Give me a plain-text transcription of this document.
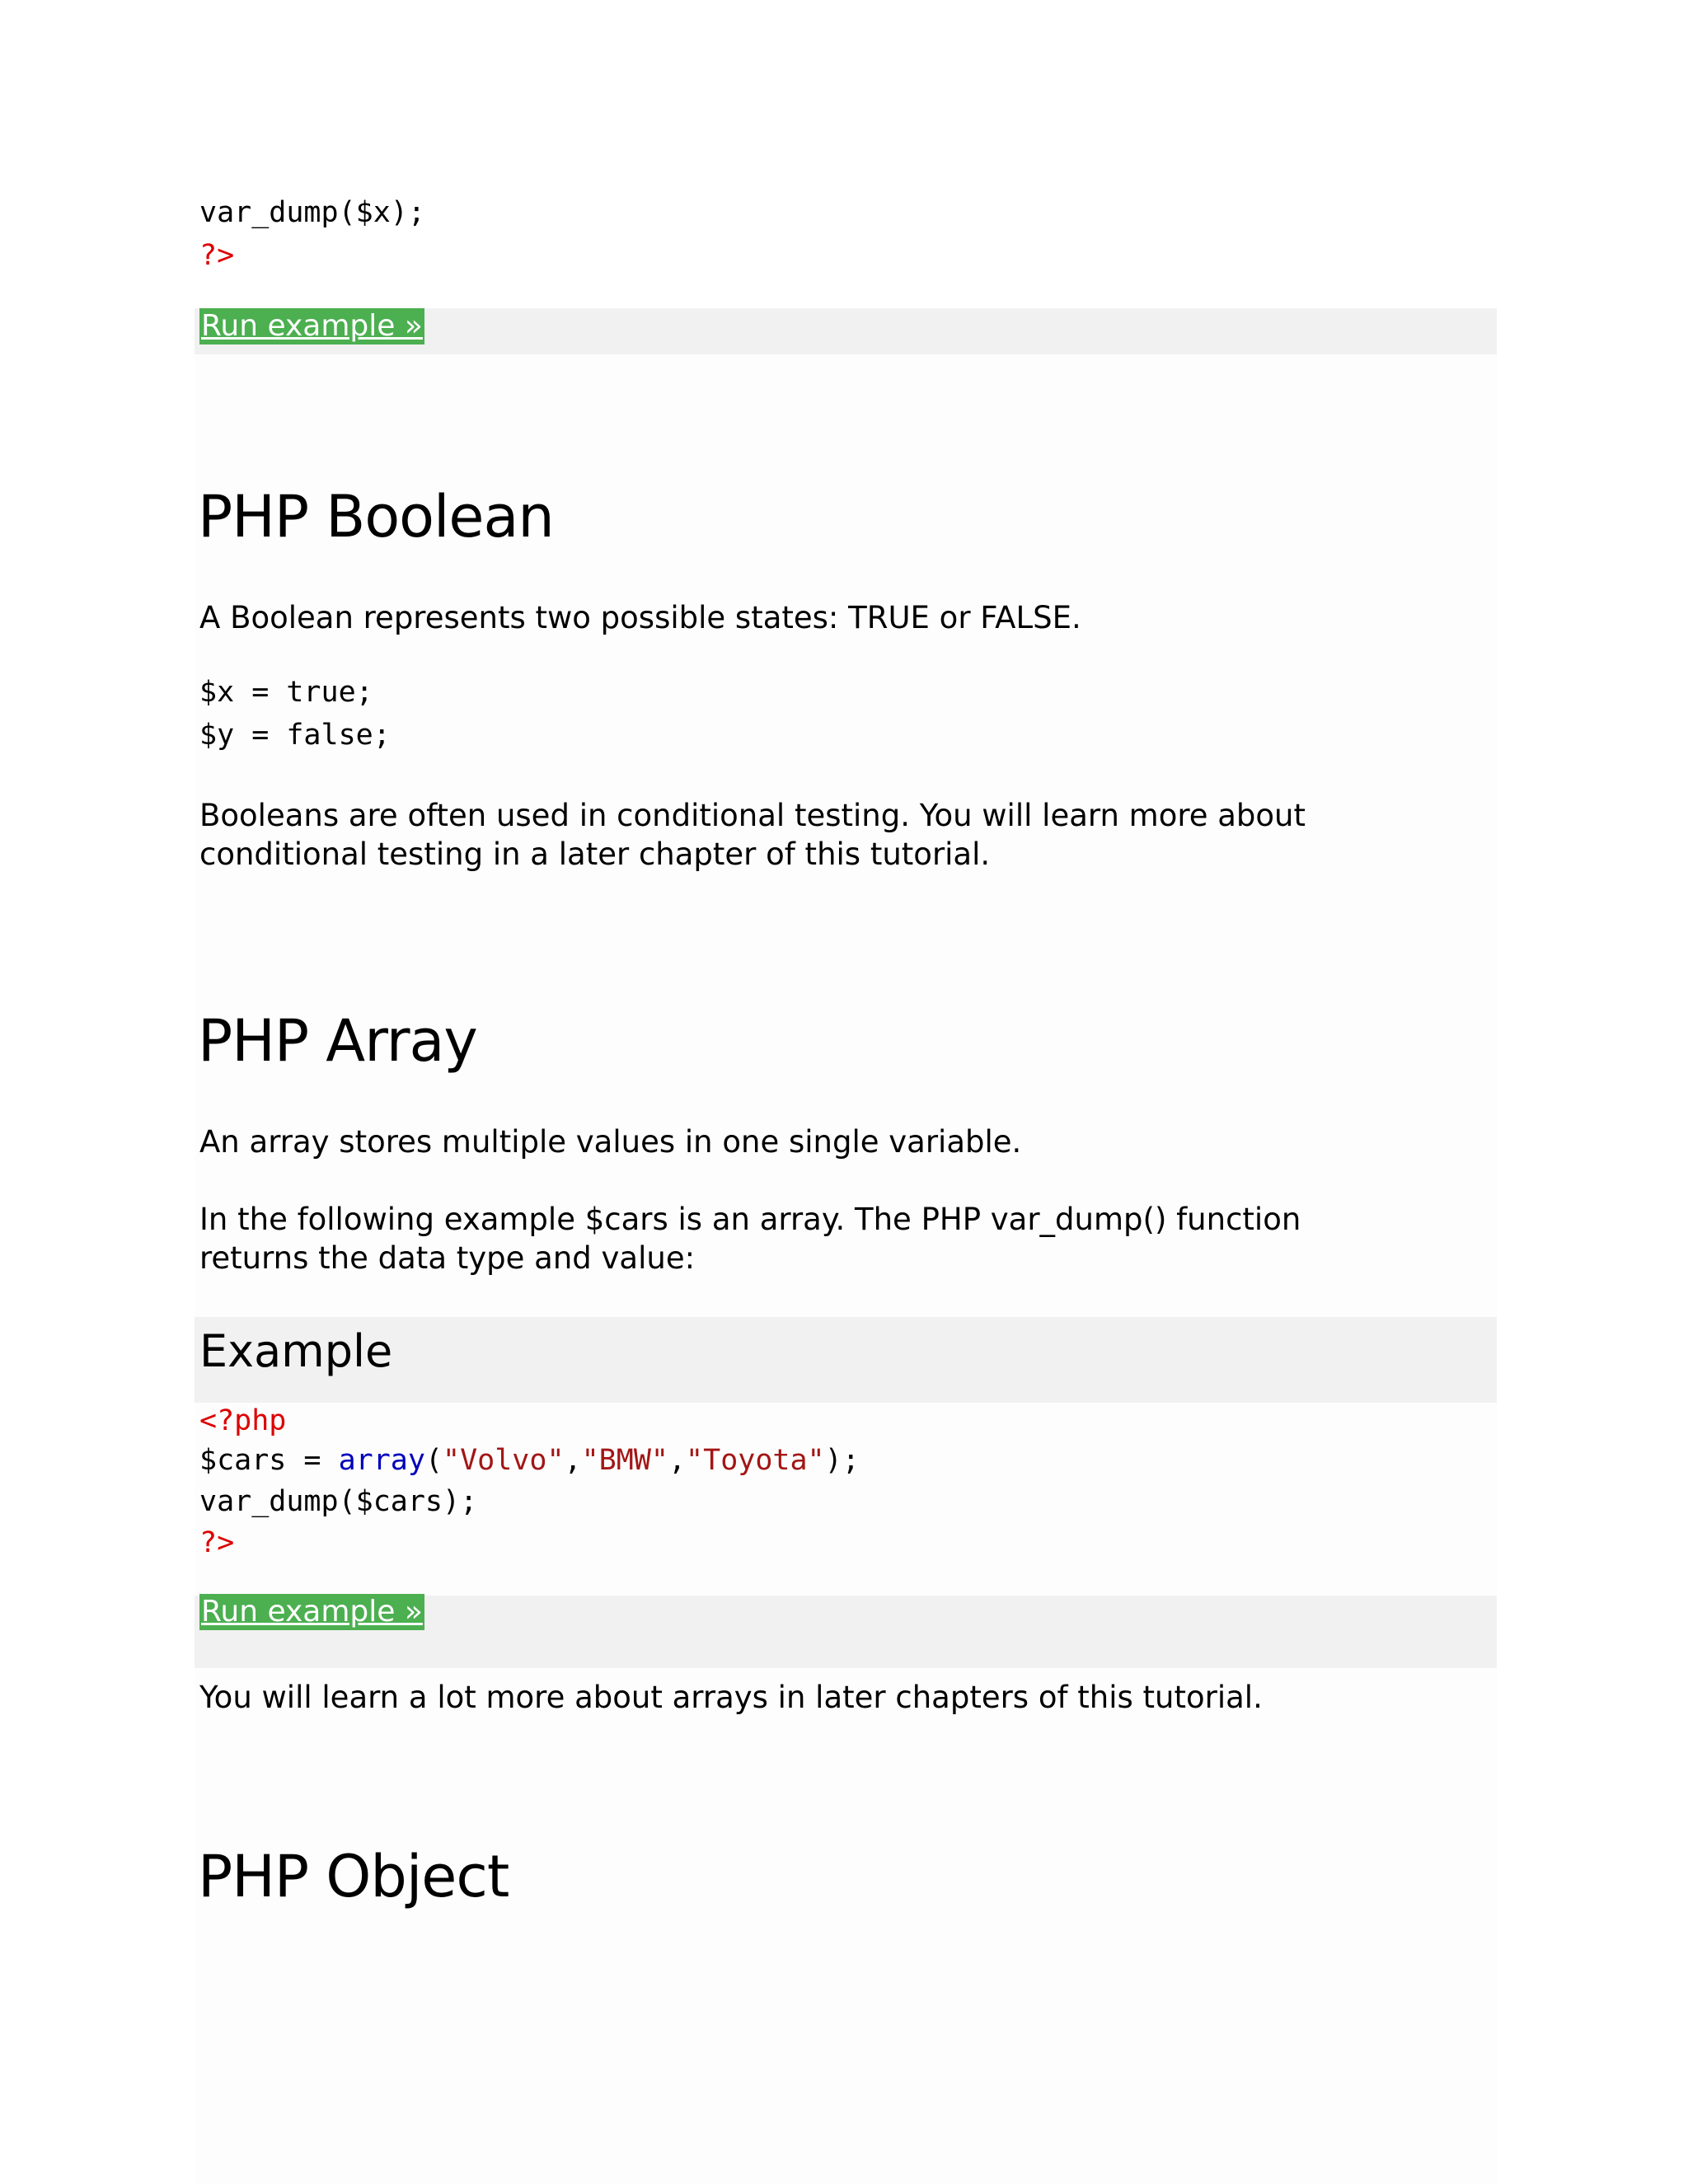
var_dump($x);
?>
Run example »
PHP Boolean

A Boolean represents two possible states: TRUE or FALSE.

$x = true;
$y = false;

Booleans are often used in conditional testing. You will learn more about conditional testing in a later chapter of this tutorial.

PHP Array

An array stores multiple values in one single variable.

In the following example $cars is an array. The PHP var_dump() function returns the data type and value:

Example
<?php
$cars = array("Volvo","BMW","Toyota");
var_dump($cars);
?>
Run example »

You will learn a lot more about arrays in later chapters of this tutorial.

PHP Object
